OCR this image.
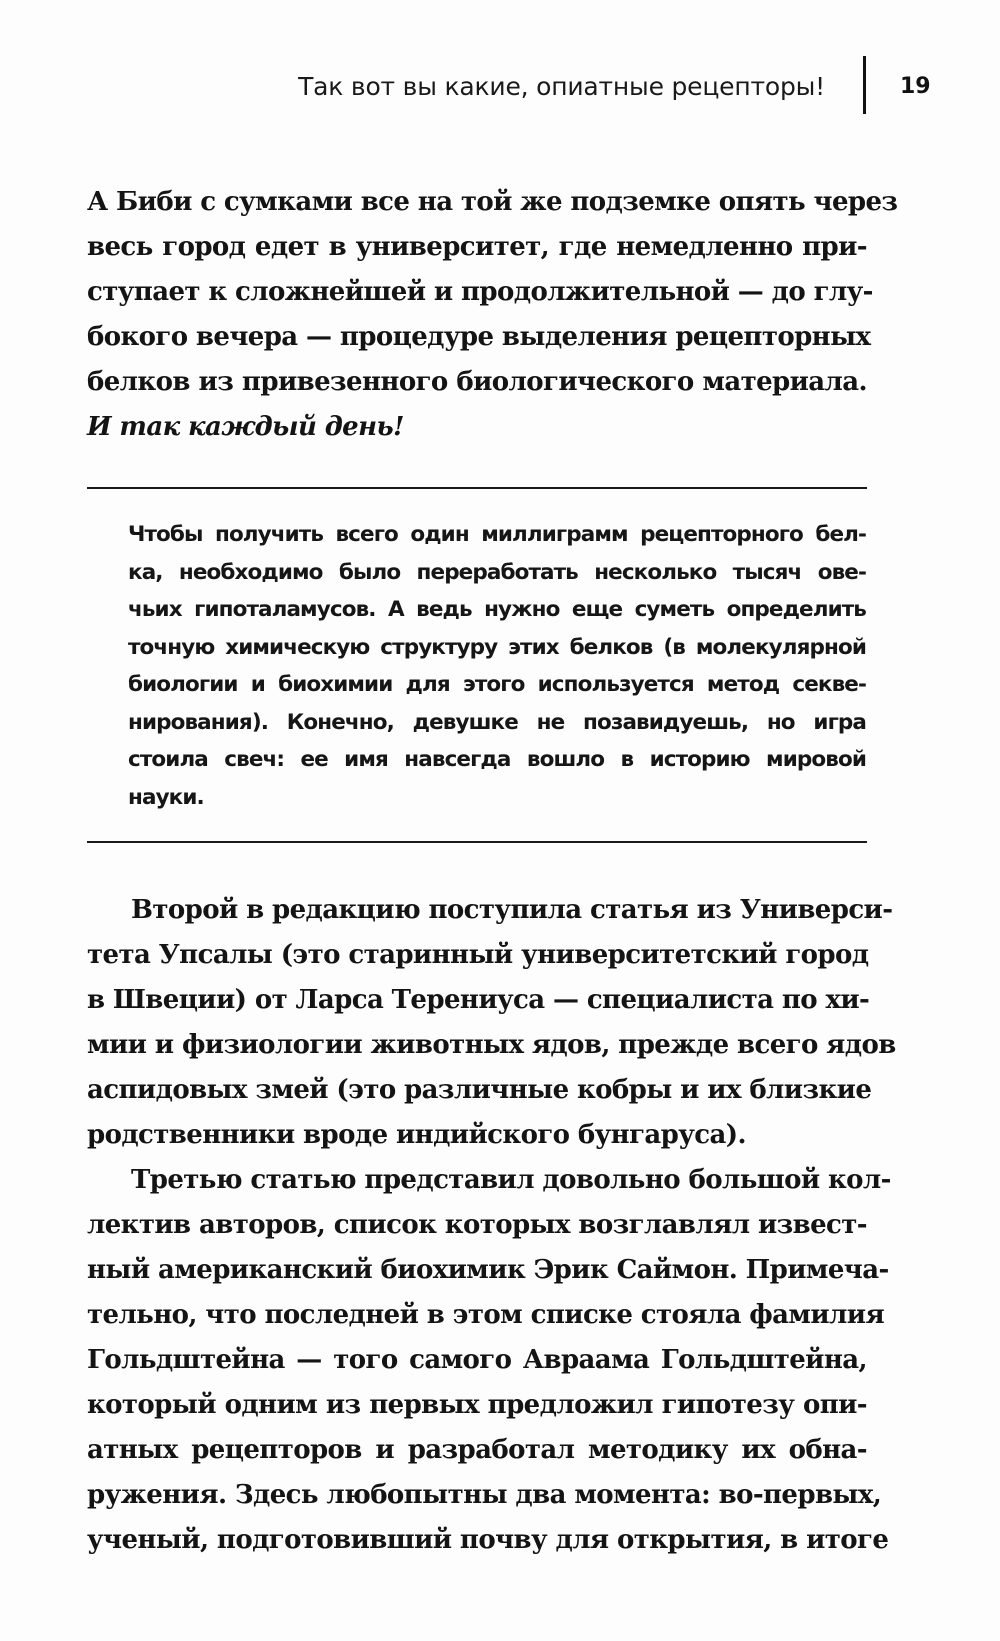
Так вот вы какие, опиатные рецепторы!	19
А Биби с сумками все на той же подземке опять через
весь город едет в университет, где немедленно при-
ступает к сложнейшей и продолжительной — до глу-
бокого вечера — процедуре выделения рецепторных
белков из привезенного биологического материала.
И так каждый день!
Чтобы получить всего один миллиграмм рецепторного бел-
ка, необходимо было переработать несколько тысяч ове-
чьих гипоталамусов. А ведь нужно еще суметь определить
точную химическую структуру этих белков (в молекулярной
биологии и биохимии для этого используется метод секве-
нирования). Конечно, девушке не позавидуешь, но игра
стоила свеч: ее имя навсегда вошло в историю мировой
науки.
Второй в редакцию поступила статья из Универси-
тета Упсалы (это старинный университетский город
в Швеции) от Ларса Терениуса — специалиста по хи-
мии и физиологии животных ядов, прежде всего ядов
аспидовых змей (это различные кобры и их близкие
родственники вроде индийского бунгаруса).
Третью статью представил довольно большой кол-
лектив авторов, список которых возглавлял извест-
ный американский биохимик Эрик Саймон. Примеча-
тельно, что последней в этом списке стояла фамилия
Гольдштейна — того самого Авраама Гольдштейна,
который одним из первых предложил гипотезу опи-
атных рецепторов и разработал методику их обна-
ружения. Здесь любопытны два момента: во-первых,
ученый, подготовивший почву для открытия, в итоге
